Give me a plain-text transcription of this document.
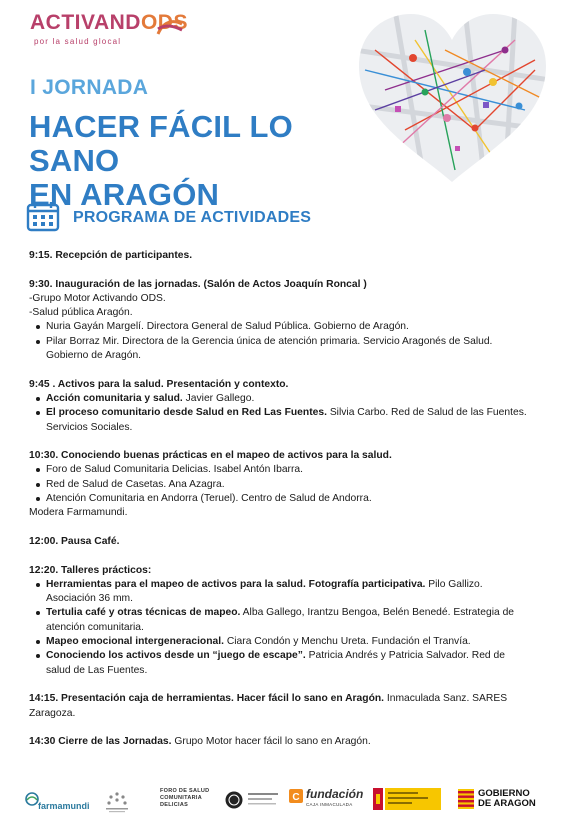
ACTIVANDODS
por la salud glocal
I JORNADA
HACER FÁCIL LO SANO
EN ARAGÓN
PROGRAMA DE ACTIVIDADES

9:15. Recepción de participantes.

9:30. Inauguración de las jornadas. (Salón de Actos Joaquín Roncal )

-Grupo Motor Activando ODS.

-Salud pública Aragón.

Nuria Gayán Margelí. Directora General de Salud Pública. Gobierno de Aragón.
Pilar Borraz Mir. Directora de la Gerencia única de atención primaria. Servicio Aragonés de Salud. Gobierno de Aragón.

9:45 . Activos para la salud. Presentación y contexto.

Acción comunitaria y salud. Javier Gallego.
El proceso comunitario desde Salud en Red Las Fuentes. Silvia Carbo. Red de Salud de las Fuentes. Servicios Sociales.

10:30. Conociendo buenas prácticas en el mapeo de activos para la salud.

Foro de Salud Comunitaria Delicias. Isabel Antón Ibarra.
Red de Salud de Casetas. Ana Azagra.
Atención Comunitaria en Andorra (Teruel). Centro de Salud de Andorra.

Modera Farmamundi.

12:00. Pausa Café.

12:20. Talleres prácticos:

Herramientas para el mapeo de activos para la salud. Fotografía participativa. Pilo Gallizo. Asociación 36 mm.
Tertulia café y otras técnicas de mapeo. Alba Gallego, Irantzu Bengoa, Belén Benedé. Estrategia de atención comunitaria.
Mapeo emocional intergeneracional. Ciara Condón y Menchu Ureta. Fundación el Tranvía.
Conociendo los activos desde un “juego de escape”. Patricia Andrés y Patricia Salvador. Red de salud de Las Fuentes.

14:15. Presentación caja de herramientas. Hacer fácil lo sano en Aragón. Inmaculada Sanz. SARES Zaragoza.

14:30 Cierre de las Jornadas. Grupo Motor hacer fácil lo sano en Aragón.

farmamundi
FORO DE SALUD COMUNITARIA DELICIAS
C fundación
CAJA INMACULADA
GOBIERNO
DE ARAGON
